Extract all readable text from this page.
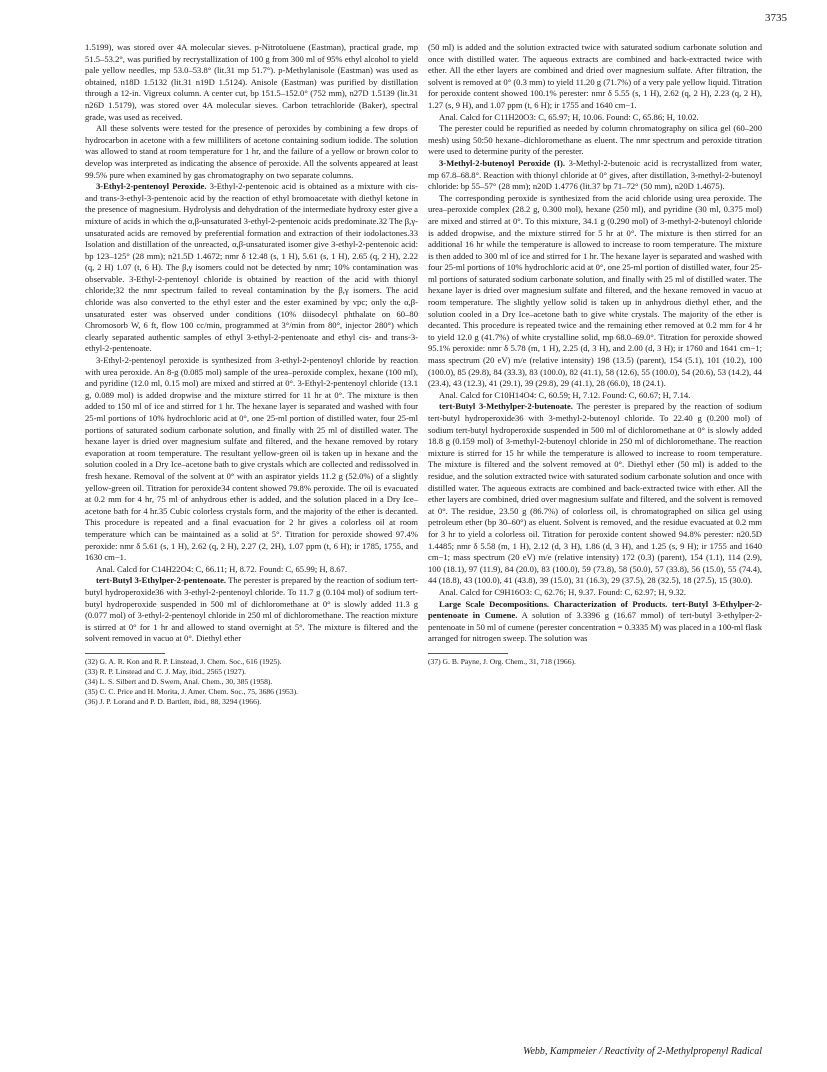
3735

1.5199), was stored over 4A molecular sieves. p-Nitrotoluene (Eastman), practical grade, mp 51.5–53.2°, was purified by recrystallization of 100 g from 300 ml of 95% ethyl alcohol to yield pale yellow needles, mp 53.0–53.8° (lit.31 mp 51.7°). p-Methylanisole (Eastman) was used as obtained, n18D 1.5132 (lit.31 n19D 1.5124). Anisole (Eastman) was purified by distillation through a 12-in. Vigreux column. A center cut, bp 151.5–152.0° (752 mm), n27D 1.5139 (lit.31 n26D 1.5179), was stored over 4A molecular sieves. Carbon tetrachloride (Baker), spectral grade, was used as received.

All these solvents were tested for the presence of peroxides by combining a few drops of hydrocarbon in acetone with a few milliliters of acetone containing sodium iodide. The solution was allowed to stand at room temperature for 1 hr, and the failure of a yellow or brown color to develop was interpreted as indicating the absence of peroxide. All the solvents appeared at least 99.5% pure when examined by gas chromatography on two separate columns.

3-Ethyl-2-pentenoyl Peroxide. 3-Ethyl-2-pentenoic acid is obtained as a mixture with cis- and trans-3-ethyl-3-pentenoic acid by the reaction of ethyl bromoacetate with diethyl ketone in the presence of magnesium. Hydrolysis and dehydration of the intermediate hydroxy ester give a mixture of acids in which the α,β-unsaturated 3-ethyl-2-pentenoic acids predominate.32 The β,γ-unsaturated acids are removed by preferential formation and extraction of their iodolactones.33 Isolation and distillation of the unreacted, α,β-unsaturated isomer give 3-ethyl-2-pentenoic acid: bp 123–125° (28 mm); n21.5D 1.4672; nmr δ 12.48 (s, 1 H), 5.61 (s, 1 H), 2.65 (q, 2 H), 2.22 (q, 2 H) 1.07 (t, 6 H). The β,γ isomers could not be detected by nmr; 10% contamination was observable. 3-Ethyl-2-pentenoyl chloride is obtained by reaction of the acid with thionyl chloride;32 the nmr spectrum failed to reveal contamination by the β,γ isomers. The acid chloride was also converted to the ethyl ester and the ester examined by vpc; only the α,β-unsaturated ester was observed under conditions (10% diisodecyl phthalate on 60–80 Chromosorb W, 6 ft, flow 100 cc/min, programmed at 3°/min from 80°, injector 280°) which clearly separated authentic samples of ethyl 3-ethyl-2-pentenoate and ethyl cis- and trans-3-ethyl-2-pentenoate.

3-Ethyl-2-pentenoyl peroxide is synthesized from 3-ethyl-2-pentenoyl chloride by reaction with urea peroxide. An 8-g (0.085 mol) sample of the urea–peroxide complex, hexane (100 ml), and pyridine (12.0 ml, 0.15 mol) are mixed and stirred at 0°. 3-Ethyl-2-pentenoyl chloride (13.1 g, 0.089 mol) is added dropwise and the mixture stirred for 11 hr at 0°. The mixture is then added to 150 ml of ice and stirred for 1 hr. The hexane layer is separated and washed with four 25-ml portions of 10% hydrochloric acid at 0°, one 25-ml portion of distilled water, four 25-ml portions of saturated sodium carbonate solution, and finally with 25 ml of distilled water. The hexane layer is dried over magnesium sulfate and filtered, and the hexane removed by rotary evaporation at room temperature. The resultant yellow-green oil is taken up in hexane and the solution cooled in a Dry Ice–acetone bath to give crystals which are collected and redissolved in fresh hexane. Removal of the solvent at 0° with an aspirator yields 11.2 g (52.0%) of a slightly yellow-green oil. Titration for peroxide34 content showed 79.8% peroxide. The oil is evacuated at 0.2 mm for 4 hr, 75 ml of anhydrous ether is added, and the solution placed in a Dry Ice–acetone bath for 4 hr.35 Cubic colorless crystals form, and the majority of the ether is decanted. This procedure is repeated and a final evacuation for 2 hr gives a colorless oil at room temperature which can be maintained as a solid at 5°. Titration for peroxide showed 97.4% peroxide: nmr δ 5.61 (s, 1 H), 2.62 (q, 2 H), 2.27 (2, 2H), 1.07 ppm (t, 6 H); ir 1785, 1755, and 1630 cm−1.

Anal. Calcd for C14H22O4: C, 66.11; H, 8.72. Found: C, 65.99; H, 8.67.

tert-Butyl 3-Ethylper-2-pentenoate. The perester is prepared by the reaction of sodium tert-butyl hydroperoxide36 with 3-ethyl-2-pentenoyl chloride. To 11.7 g (0.104 mol) of sodium tert-butyl hydroperoxide suspended in 500 ml of dichloromethane at 0° is slowly added 11.3 g (0.077 mol) of 3-ethyl-2-pentenoyl chloride in 250 ml of dichloromethane. The reaction mixture is stirred at 0° for 1 hr and allowed to stand overnight at 5°. The mixture is filtered and the solvent removed in vacuo at 0°. Diethyl ether

(32) G. A. R. Kon and R. P. Linstead, J. Chem. Soc., 616 (1925).
(33) R. P. Linstead and C. J. May, ibid., 2565 (1927).
(34) L. S. Silbert and D. Swern, Anal. Chem., 30, 385 (1958).
(35) C. C. Price and H. Morita, J. Amer. Chem. Soc., 75, 3686 (1953).
(36) J. P. Lorand and P. D. Bartlett, ibid., 88, 3294 (1966).

(50 ml) is added and the solution extracted twice with saturated sodium carbonate solution and once with distilled water. The aqueous extracts are combined and back-extracted twice with ether. All the ether layers are combined and dried over magnesium sulfate. After filtration, the solvent is removed at 0° (0.3 mm) to yield 11.20 g (71.7%) of a very pale yellow liquid. Titration for peroxide content showed 100.1% perester: nmr δ 5.55 (s, 1 H), 2.62 (q, 2 H), 2.23 (q, 2 H), 1.27 (s, 9 H), and 1.07 ppm (t, 6 H); ir 1755 and 1640 cm−1.

Anal. Calcd for C11H20O3: C, 65.97; H, 10.06. Found: C, 65.86; H, 10.02.

The perester could be repurified as needed by column chromatography on silica gel (60–200 mesh) using 50:50 hexane–dichloromethane as eluent. The nmr spectrum and peroxide titration were used to determine purity of the perester.

3-Methyl-2-butenoyl Peroxide (I). 3-Methyl-2-butenoic acid is recrystallized from water, mp 67.8–68.8°. Reaction with thionyl chloride at 0° gives, after distillation, 3-methyl-2-butenoyl chloride: bp 55–57° (28 mm); n20D 1.4776 (lit.37 bp 71–72° (50 mm), n20D 1.4675).

The corresponding peroxide is synthesized from the acid chloride using urea peroxide. The urea–peroxide complex (28.2 g, 0.300 mol), hexane (250 ml), and pyridine (30 ml, 0.375 mol) are mixed and stirred at 0°. To this mixture, 34.1 g (0.290 mol) of 3-methyl-2-butenoyl chloride is added dropwise, and the mixture stirred for 5 hr at 0°. The mixture is then stirred for an additional 16 hr while the temperature is allowed to increase to room temperature. The mixture is then added to 300 ml of ice and stirred for 1 hr. The hexane layer is separated and washed with four 25-ml portions of 10% hydrochloric acid at 0°, one 25-ml portion of distilled water, four 25-ml portions of saturated sodium carbonate solution, and finally with 25 ml of distilled water. The hexane layer is dried over magnesium sulfate and filtered, and the hexane removed in vacuo at room temperature. The slightly yellow solid is taken up in anhydrous diethyl ether, and the solution cooled in a Dry Ice–acetone bath to give white crystals. The majority of the ether is decanted. This procedure is repeated twice and the remaining ether removed at 0.2 mm for 4 hr to yield 12.0 g (41.7%) of white crystalline solid, mp 68.0–69.0°. Titration for peroxide showed 95.1% peroxide: nmr δ 5.78 (m, 1 H), 2.25 (d, 3 H), and 2.00 (d, 3 H); ir 1760 and 1641 cm−1; mass spectrum (20 eV) m/e (relative intensity) 198 (13.5) (parent), 154 (5.1), 101 (10.2), 100 (100.0), 85 (29.8), 84 (33.3), 83 (100.0), 82 (41.1), 58 (12.6), 55 (100.0), 54 (20.6), 53 (14.2), 44 (23.4), 43 (12.3), 41 (29.1), 39 (29.8), 29 (41.1), 28 (66.0), 18 (24.1).

Anal. Calcd for C10H14O4: C, 60.59; H, 7.12. Found: C, 60.67; H, 7.14.

tert-Butyl 3-Methylper-2-butenoate. The perester is prepared by the reaction of sodium tert-butyl hydroperoxide36 with 3-methyl-2-butenoyl chloride. To 22.40 g (0.200 mol) of sodium tert-butyl hydroperoxide suspended in 500 ml of dichloromethane at 0° is slowly added 18.8 g (0.159 mol) of 3-methyl-2-butenoyl chloride in 250 ml of dichloromethane. The reaction mixture is stirred for 15 hr while the temperature is allowed to increase to room temperature. The mixture is filtered and the solvent removed at 0°. Diethyl ether (50 ml) is added to the residue, and the solution extracted twice with saturated sodium carbonate solution and once with distilled water. The aqueous extracts are combined and back-extracted twice with ether. All the ether layers are combined, dried over magnesium sulfate and filtered, and the solvent is removed at 0°. The residue, 23.50 g (86.7%) of colorless oil, is chromatographed on silica gel using petroleum ether (bp 30–60°) as eluent. Solvent is removed, and the residue evacuated at 0.2 mm for 3 hr to yield a colorless oil. Titration for peroxide content showed 94.8% perester: n20.5D 1.4485; nmr δ 5.58 (m, 1 H), 2.12 (d, 3 H), 1.86 (d, 3 H), and 1.25 (s, 9 H); ir 1755 and 1640 cm−1; mass spectrum (20 eV) m/e (relative intensity) 172 (0.3) (parent), 154 (1.1), 114 (2.9), 100 (18.1), 97 (11.9), 84 (20.0), 83 (100.0), 59 (73.8), 58 (50.0), 57 (33.8), 56 (15.0), 55 (74.4), 44 (18.8), 43 (100.0), 41 (43.8), 39 (15.0), 31 (16.3), 29 (37.5), 28 (32.5), 18 (27.5), 15 (30.0).

Anal. Calcd for C9H16O3: C, 62.76; H, 9.37. Found: C, 62.97; H, 9.32.

Large Scale Decompositions. Characterization of Products. tert-Butyl 3-Ethylper-2-pentenoate in Cumene. A solution of 3.3396 g (16.67 mmol) of tert-butyl 3-ethylper-2-pentenoate in 50 ml of cumene (perester concentration = 0.3335 M) was placed in a 100-ml flask arranged for nitrogen sweep. The solution was

(37) G. B. Payne, J. Org. Chem., 31, 718 (1966).
Webb, Kampmeier / Reactivity of 2-Methylpropenyl Radical
